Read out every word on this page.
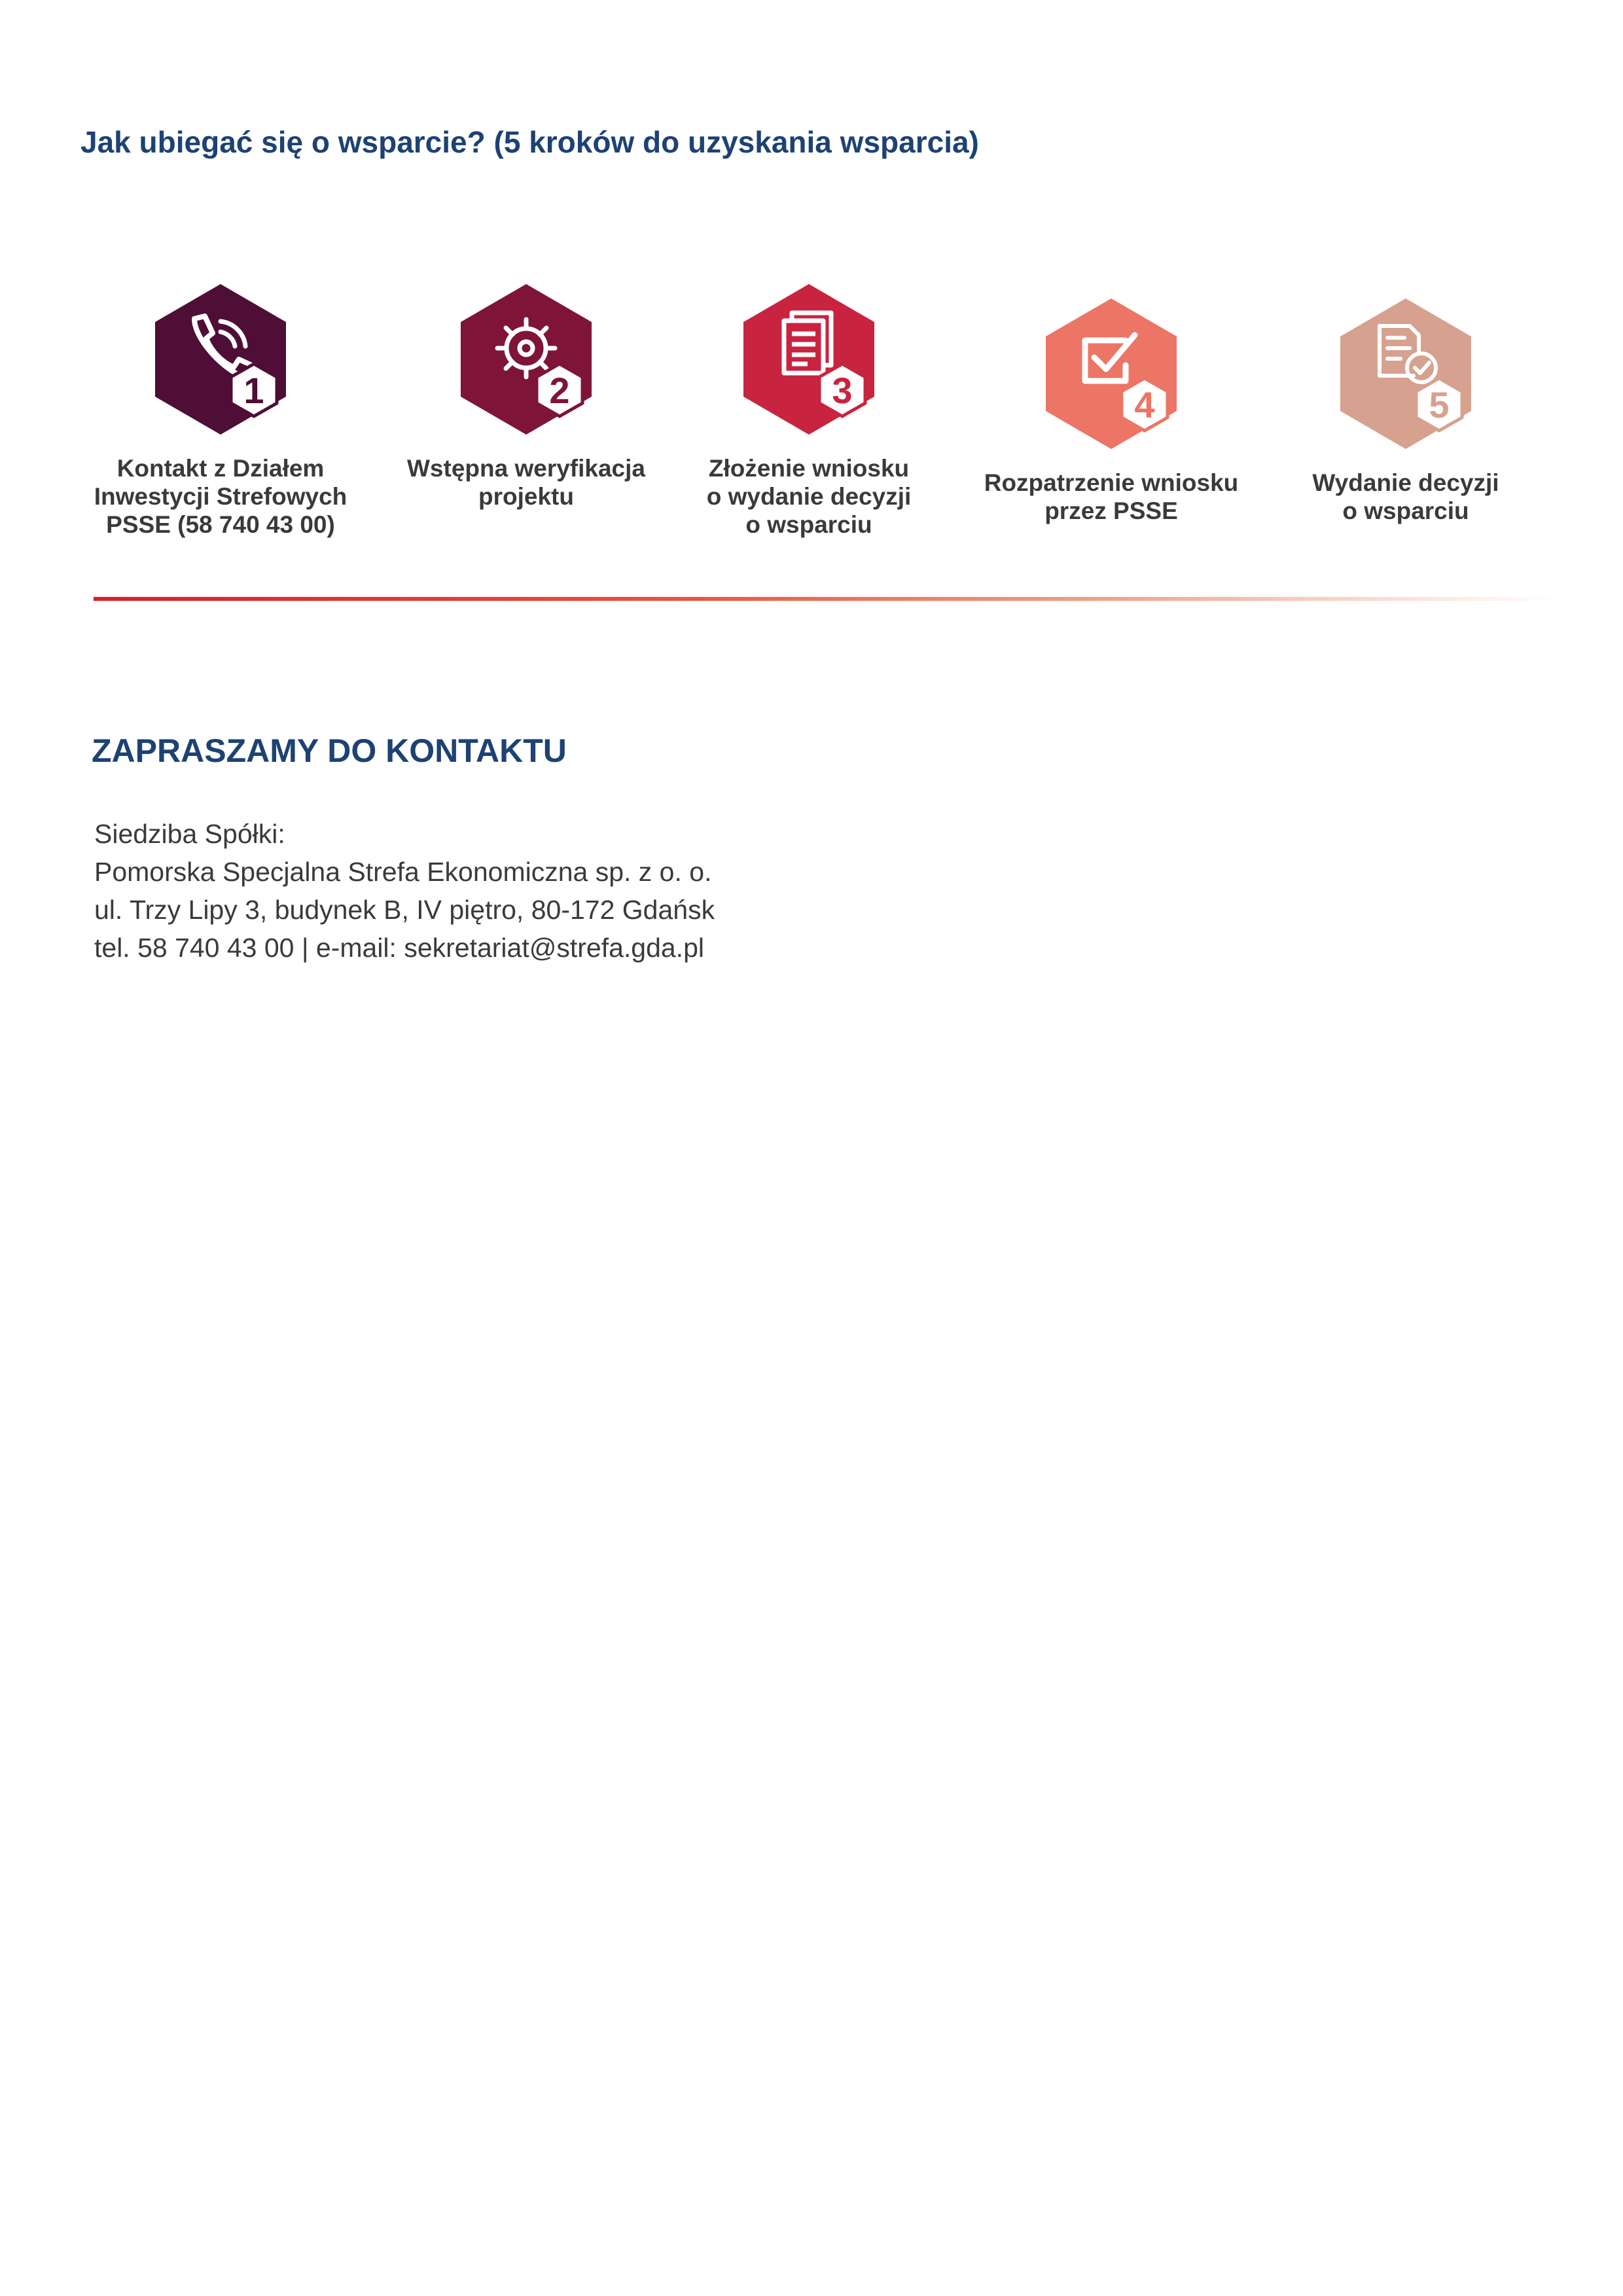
Jak ubiegać się o wsparcie? (5 kroków do uzyskania wsparcia)
1
Kontakt z Działem
Inwestycji Strefowych
PSSE (58 740 43 00)
2
Wstępna weryfikacja
projektu
3
Złożenie wniosku
o wydanie decyzji
o wsparciu
4
Rozpatrzenie wniosku
przez PSSE
5
Wydanie decyzji
o wsparciu
ZAPRASZAMY DO KONTAKTU
Siedziba Spółki:
Pomorska Specjalna Strefa Ekonomiczna sp. z o. o.
ul. Trzy Lipy 3, budynek B, IV piętro, 80-172 Gdańsk
tel. 58 740 43 00 | e-mail: sekretariat@strefa.gda.pl
